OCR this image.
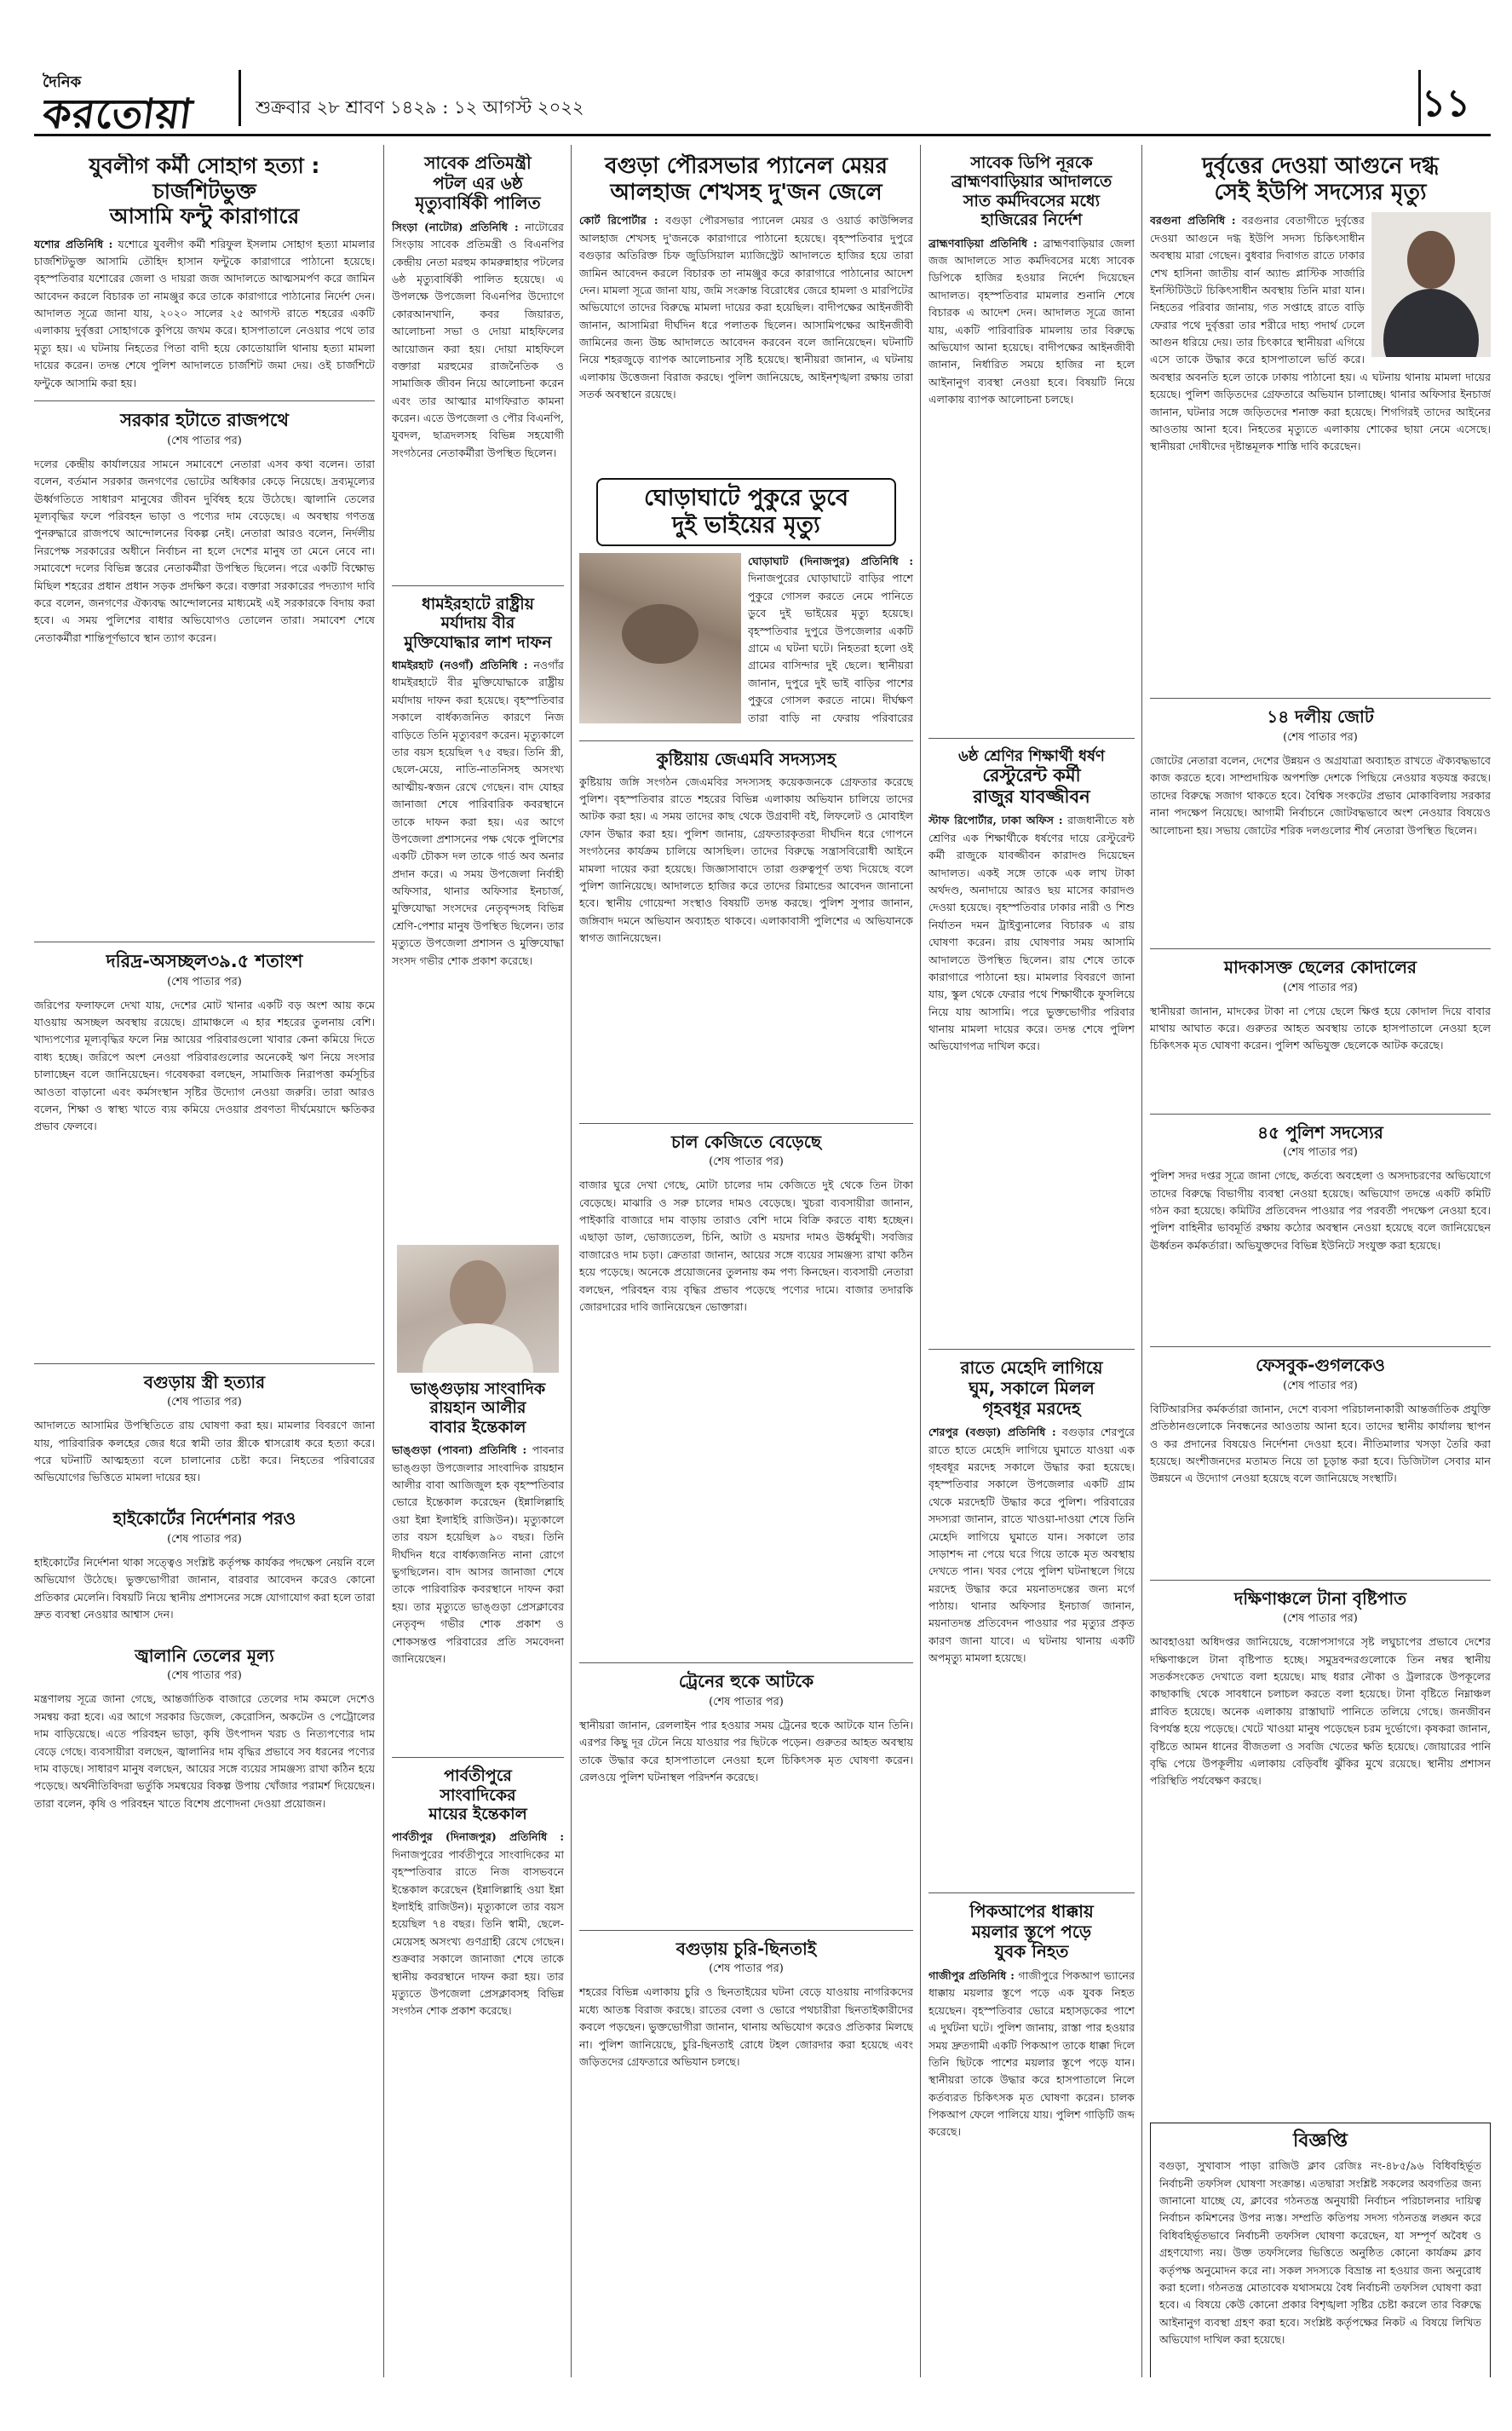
দৈনিক
করতোয়া	শুক্রবার ২৮ শ্রাবণ ১৪২৯ : ১২ আগস্ট ২০২২	১১
যুবলীগ কর্মী সোহাগ হত্যা : চার্জশিটভুক্ত
আসামি ফন্টু কারাগারে
যশোর প্রতিনিধি : যশোরে যুবলীগ কর্মী শরিফুল ইসলাম সোহাগ হত্যা মামলার চার্জশিটভুক্ত আসামি তৌহিদ হাসান ফন্টুকে কারাগারে পাঠানো হয়েছে। বৃহস্পতিবার যশোরের জেলা ও দায়রা জজ আদালতে আত্মসমর্পণ করে জামিন আবেদন করলে বিচারক তা নামঞ্জুর করে তাকে কারাগারে পাঠানোর নির্দেশ দেন। আদালত সূত্রে জানা যায়, ২০২০ সালের ২৫ আগস্ট রাতে শহরের একটি এলাকায় দুর্বৃত্তরা সোহাগকে কুপিয়ে জখম করে। হাসপাতালে নেওয়ার পথে তার মৃত্যু হয়। এ ঘটনায় নিহতের পিতা বাদী হয়ে কোতোয়ালি থানায় হত্যা মামলা দায়ের করেন। তদন্ত শেষে পুলিশ আদালতে চার্জশিট জমা দেয়। ওই চার্জশিটে ফন্টুকে আসামি করা হয়।
সরকার হটাতে রাজপথে
(শেষ পাতার পর)
দলের কেন্দ্রীয় কার্যালয়ের সামনে সমাবেশে নেতারা এসব কথা বলেন। তারা বলেন, বর্তমান সরকার জনগণের ভোটের অধিকার কেড়ে নিয়েছে। দ্রব্যমূল্যের ঊর্ধ্বগতিতে সাধারণ মানুষের জীবন দুর্বিষহ হয়ে উঠেছে। জ্বালানি তেলের মূল্যবৃদ্ধির ফলে পরিবহন ভাড়া ও পণ্যের দাম বেড়েছে। এ অবস্থায় গণতন্ত্র পুনরুদ্ধারে রাজপথে আন্দোলনের বিকল্প নেই। নেতারা আরও বলেন, নির্দলীয় নিরপেক্ষ সরকারের অধীনে নির্বাচন না হলে দেশের মানুষ তা মেনে নেবে না। সমাবেশে দলের বিভিন্ন স্তরের নেতাকর্মীরা উপস্থিত ছিলেন। পরে একটি বিক্ষোভ মিছিল শহরের প্রধান প্রধান সড়ক প্রদক্ষিণ করে। বক্তারা সরকারের পদত্যাগ দাবি করে বলেন, জনগণের ঐক্যবদ্ধ আন্দোলনের মাধ্যমেই এই সরকারকে বিদায় করা হবে। এ সময় পুলিশের বাধার অভিযোগও তোলেন তারা। সমাবেশ শেষে নেতাকর্মীরা শান্তিপূর্ণভাবে স্থান ত্যাগ করেন।
দরিদ্র-অসচ্ছল৩৯.৫ শতাংশ
(শেষ পাতার পর)
জরিপের ফলাফলে দেখা যায়, দেশের মোট খানার একটি বড় অংশ আয় কমে যাওয়ায় অসচ্ছল অবস্থায় রয়েছে। গ্রামাঞ্চলে এ হার শহরের তুলনায় বেশি। খাদ্যপণ্যের মূল্যবৃদ্ধির ফলে নিম্ন আয়ের পরিবারগুলো খাবার কেনা কমিয়ে দিতে বাধ্য হচ্ছে। জরিপে অংশ নেওয়া পরিবারগুলোর অনেকেই ঋণ নিয়ে সংসার চালাচ্ছেন বলে জানিয়েছেন। গবেষকরা বলছেন, সামাজিক নিরাপত্তা কর্মসূচির আওতা বাড়ানো এবং কর্মসংস্থান সৃষ্টির উদ্যোগ নেওয়া জরুরি। তারা আরও বলেন, শিক্ষা ও স্বাস্থ্য খাতে ব্যয় কমিয়ে দেওয়ার প্রবণতা দীর্ঘমেয়াদে ক্ষতিকর প্রভাব ফেলবে।
বগুড়ায় স্ত্রী হত্যার
(শেষ পাতার পর)
আদালতে আসামির উপস্থিতিতে রায় ঘোষণা করা হয়। মামলার বিবরণে জানা যায়, পারিবারিক কলহের জের ধরে স্বামী তার স্ত্রীকে শ্বাসরোধ করে হত্যা করে। পরে ঘটনাটি আত্মহত্যা বলে চালানোর চেষ্টা করে। নিহতের পরিবারের অভিযোগের ভিত্তিতে মামলা দায়ের হয়।
হাইকোর্টের নির্দেশনার পরও
(শেষ পাতার পর)
হাইকোর্টের নির্দেশনা থাকা সত্ত্বেও সংশ্লিষ্ট কর্তৃপক্ষ কার্যকর পদক্ষেপ নেয়নি বলে অভিযোগ উঠেছে। ভুক্তভোগীরা জানান, বারবার আবেদন করেও কোনো প্রতিকার মেলেনি। বিষয়টি নিয়ে স্থানীয় প্রশাসনের সঙ্গে যোগাযোগ করা হলে তারা দ্রুত ব্যবস্থা নেওয়ার আশ্বাস দেন।
জ্বালানি তেলের মূল্য
(শেষ পাতার পর)
মন্ত্রণালয় সূত্রে জানা গেছে, আন্তর্জাতিক বাজারে তেলের দাম কমলে দেশেও সমন্বয় করা হবে। এর আগে সরকার ডিজেল, কেরোসিন, অকটেন ও পেট্রোলের দাম বাড়িয়েছে। এতে পরিবহন ভাড়া, কৃষি উৎপাদন খরচ ও নিত্যপণ্যের দাম বেড়ে গেছে। ব্যবসায়ীরা বলছেন, জ্বালানির দাম বৃদ্ধির প্রভাবে সব ধরনের পণ্যের দাম বাড়ছে। সাধারণ মানুষ বলছেন, আয়ের সঙ্গে ব্যয়ের সামঞ্জস্য রাখা কঠিন হয়ে পড়েছে। অর্থনীতিবিদরা ভর্তুকি সমন্বয়ের বিকল্প উপায় খোঁজার পরামর্শ দিয়েছেন। তারা বলেন, কৃষি ও পরিবহন খাতে বিশেষ প্রণোদনা দেওয়া প্রয়োজন।
সাবেক প্রতিমন্ত্রী
পটল এর ৬ষ্ঠ
মৃত্যুবার্ষিকী পালিত
সিংড়া (নাটোর) প্রতিনিধি : নাটোরের সিংড়ায় সাবেক প্রতিমন্ত্রী ও বিএনপির কেন্দ্রীয় নেতা মরহুম কামরুন্নাহার পটলের ৬ষ্ঠ মৃত্যুবার্ষিকী পালিত হয়েছে। এ উপলক্ষে উপজেলা বিএনপির উদ্যোগে কোরআনখানি, কবর জিয়ারত, আলোচনা সভা ও দোয়া মাহফিলের আয়োজন করা হয়। দোয়া মাহফিলে বক্তারা মরহুমের রাজনৈতিক ও সামাজিক জীবন নিয়ে আলোচনা করেন এবং তার আত্মার মাগফিরাত কামনা করেন। এতে উপজেলা ও পৌর বিএনপি, যুবদল, ছাত্রদলসহ বিভিন্ন সহযোগী সংগঠনের নেতাকর্মীরা উপস্থিত ছিলেন।
ধামইরহাটে রাষ্ট্রীয়
মর্যাদায় বীর
মুক্তিযোদ্ধার লাশ দাফন
ধামইরহাট (নওগাঁ) প্রতিনিধি : নওগাঁর ধামইরহাটে বীর মুক্তিযোদ্ধাকে রাষ্ট্রীয় মর্যাদায় দাফন করা হয়েছে। বৃহস্পতিবার সকালে বার্ধক্যজনিত কারণে নিজ বাড়িতে তিনি মৃত্যুবরণ করেন। মৃত্যুকালে তার বয়স হয়েছিল ৭৫ বছর। তিনি স্ত্রী, ছেলে-মেয়ে, নাতি-নাতনিসহ অসংখ্য আত্মীয়-স্বজন রেখে গেছেন। বাদ যোহর জানাজা শেষে পারিবারিক কবরস্থানে তাকে দাফন করা হয়। এর আগে উপজেলা প্রশাসনের পক্ষ থেকে পুলিশের একটি চৌকস দল তাকে গার্ড অব অনার প্রদান করে। এ সময় উপজেলা নির্বাহী অফিসার, থানার অফিসার ইনচার্জ, মুক্তিযোদ্ধা সংসদের নেতৃবৃন্দসহ বিভিন্ন শ্রেণি-পেশার মানুষ উপস্থিত ছিলেন। তার মৃত্যুতে উপজেলা প্রশাসন ও মুক্তিযোদ্ধা সংসদ গভীর শোক প্রকাশ করেছে।
ভাঙ্গুড়ায় সাংবাদিক
রায়হান আলীর
বাবার ইন্তেকাল
ভাঙ্গুড়া (পাবনা) প্রতিনিধি : পাবনার ভাঙ্গুড়া উপজেলার সাংবাদিক রায়হান আলীর বাবা আজিজুল হক বৃহস্পতিবার ভোরে ইন্তেকাল করেছেন (ইন্নালিল্লাহি ওয়া ইন্না ইলাইহি রাজিউন)। মৃত্যুকালে তার বয়স হয়েছিল ৯০ বছর। তিনি দীর্ঘদিন ধরে বার্ধক্যজনিত নানা রোগে ভুগছিলেন। বাদ আসর জানাজা শেষে তাকে পারিবারিক কবরস্থানে দাফন করা হয়। তার মৃত্যুতে ভাঙ্গুড়া প্রেসক্লাবের নেতৃবৃন্দ গভীর শোক প্রকাশ ও শোকসন্তপ্ত পরিবারের প্রতি সমবেদনা জানিয়েছেন।
পার্বতীপুরে
সাংবাদিকের
মায়ের ইন্তেকাল
পার্বতীপুর (দিনাজপুর) প্রতিনিধি : দিনাজপুরের পার্বতীপুরে সাংবাদিকের মা বৃহস্পতিবার রাতে নিজ বাসভবনে ইন্তেকাল করেছেন (ইন্নালিল্লাহি ওয়া ইন্না ইলাইহি রাজিউন)। মৃত্যুকালে তার বয়স হয়েছিল ৭৪ বছর। তিনি স্বামী, ছেলে-মেয়েসহ অসংখ্য গুণগ্রাহী রেখে গেছেন। শুক্রবার সকালে জানাজা শেষে তাকে স্থানীয় কবরস্থানে দাফন করা হয়। তার মৃত্যুতে উপজেলা প্রেসক্লাবসহ বিভিন্ন সংগঠন শোক প্রকাশ করেছে।
বগুড়া পৌরসভার প্যানেল মেয়র
আলহাজ শেখসহ দু'জন জেলে
কোর্ট রিপোর্টার : বগুড়া পৌরসভার প্যানেল মেয়র ও ওয়ার্ড কাউন্সিলর আলহাজ শেখসহ দু'জনকে কারাগারে পাঠানো হয়েছে। বৃহস্পতিবার দুপুরে বগুড়ার অতিরিক্ত চিফ জুডিসিয়াল ম্যাজিস্ট্রেট আদালতে হাজির হয়ে তারা জামিন আবেদন করলে বিচারক তা নামঞ্জুর করে কারাগারে পাঠানোর আদেশ দেন। মামলা সূত্রে জানা যায়, জমি সংক্রান্ত বিরোধের জেরে হামলা ও মারপিটের অভিযোগে তাদের বিরুদ্ধে মামলা দায়ের করা হয়েছিল। বাদীপক্ষের আইনজীবী জানান, আসামিরা দীর্ঘদিন ধরে পলাতক ছিলেন। আসামিপক্ষের আইনজীবী জামিনের জন্য উচ্চ আদালতে আবেদন করবেন বলে জানিয়েছেন। ঘটনাটি নিয়ে শহরজুড়ে ব্যাপক আলোচনার সৃষ্টি হয়েছে। স্থানীয়রা জানান, এ ঘটনায় এলাকায় উত্তেজনা বিরাজ করছে। পুলিশ জানিয়েছে, আইনশৃঙ্খলা রক্ষায় তারা সতর্ক অবস্থানে রয়েছে।
ঘোড়াঘাটে পুকুরে ডুবে
দুই ভাইয়ের মৃত্যু
ঘোড়াঘাট (দিনাজপুর) প্রতিনিধি : দিনাজপুরের ঘোড়াঘাটে বাড়ির পাশে পুকুরে গোসল করতে নেমে পানিতে ডুবে দুই ভাইয়ের মৃত্যু হয়েছে। বৃহস্পতিবার দুপুরে উপজেলার একটি গ্রামে এ ঘটনা ঘটে। নিহতরা হলো ওই গ্রামের বাসিন্দার দুই ছেলে। স্থানীয়রা জানান, দুপুরে দুই ভাই বাড়ির পাশের পুকুরে গোসল করতে নামে। দীর্ঘক্ষণ তারা বাড়ি না ফেরায় পরিবারের
কুষ্টিয়ায় জেএমবি সদস্যসহ
কুষ্টিয়ায় জঙ্গি সংগঠন জেএমবির সদস্যসহ কয়েকজনকে গ্রেফতার করেছে পুলিশ। বৃহস্পতিবার রাতে শহরের বিভিন্ন এলাকায় অভিযান চালিয়ে তাদের আটক করা হয়। এ সময় তাদের কাছ থেকে উগ্রবাদী বই, লিফলেট ও মোবাইল ফোন উদ্ধার করা হয়। পুলিশ জানায়, গ্রেফতারকৃতরা দীর্ঘদিন ধরে গোপনে সংগঠনের কার্যক্রম চালিয়ে আসছিল। তাদের বিরুদ্ধে সন্ত্রাসবিরোধী আইনে মামলা দায়ের করা হয়েছে। জিজ্ঞাসাবাদে তারা গুরুত্বপূর্ণ তথ্য দিয়েছে বলে পুলিশ জানিয়েছে। আদালতে হাজির করে তাদের রিমান্ডের আবেদন জানানো হবে। স্থানীয় গোয়েন্দা সংস্থাও বিষয়টি তদন্ত করছে। পুলিশ সুপার জানান, জঙ্গিবাদ দমনে অভিযান অব্যাহত থাকবে। এলাকাবাসী পুলিশের এ অভিযানকে স্বাগত জানিয়েছেন।
চাল কেজিতে বেড়েছে
(শেষ পাতার পর)
বাজার ঘুরে দেখা গেছে, মোটা চালের দাম কেজিতে দুই থেকে তিন টাকা বেড়েছে। মাঝারি ও সরু চালের দামও বেড়েছে। খুচরা ব্যবসায়ীরা জানান, পাইকারি বাজারে দাম বাড়ায় তারাও বেশি দামে বিক্রি করতে বাধ্য হচ্ছেন। এছাড়া ডাল, ভোজ্যতেল, চিনি, আটা ও ময়দার দামও ঊর্ধ্বমুখী। সবজির বাজারেও দাম চড়া। ক্রেতারা জানান, আয়ের সঙ্গে ব্যয়ের সামঞ্জস্য রাখা কঠিন হয়ে পড়েছে। অনেকে প্রয়োজনের তুলনায় কম পণ্য কিনছেন। ব্যবসায়ী নেতারা বলছেন, পরিবহন ব্যয় বৃদ্ধির প্রভাব পড়েছে পণ্যের দামে। বাজার তদারকি জোরদারের দাবি জানিয়েছেন ভোক্তারা।
ট্রেনের হুকে আটকে
(শেষ পাতার পর)
স্থানীয়রা জানান, রেললাইন পার হওয়ার সময় ট্রেনের হুকে আটকে যান তিনি। এরপর কিছু দূর টেনে নিয়ে যাওয়ার পর ছিটকে পড়েন। গুরুতর আহত অবস্থায় তাকে উদ্ধার করে হাসপাতালে নেওয়া হলে চিকিৎসক মৃত ঘোষণা করেন। রেলওয়ে পুলিশ ঘটনাস্থল পরিদর্শন করেছে।
বগুড়ায় চুরি-ছিনতাই
(শেষ পাতার পর)
শহরের বিভিন্ন এলাকায় চুরি ও ছিনতাইয়ের ঘটনা বেড়ে যাওয়ায় নাগরিকদের মধ্যে আতঙ্ক বিরাজ করছে। রাতের বেলা ও ভোরে পথচারীরা ছিনতাইকারীদের কবলে পড়ছেন। ভুক্তভোগীরা জানান, থানায় অভিযোগ করেও প্রতিকার মিলছে না। পুলিশ জানিয়েছে, চুরি-ছিনতাই রোধে টহল জোরদার করা হয়েছে এবং জড়িতদের গ্রেফতারে অভিযান চলছে।
সাবেক ডিপি নূরকে
ব্রাহ্মণবাড়িয়ার আদালতে
সাত কর্মদিবসের মধ্যে
হাজিরের নির্দেশ
ব্রাহ্মণবাড়িয়া প্রতিনিধি : ব্রাহ্মণবাড়িয়ার জেলা জজ আদালতে সাত কর্মদিবসের মধ্যে সাবেক ডিপিকে হাজির হওয়ার নির্দেশ দিয়েছেন আদালত। বৃহস্পতিবার মামলার শুনানি শেষে বিচারক এ আদেশ দেন। আদালত সূত্রে জানা যায়, একটি পারিবারিক মামলায় তার বিরুদ্ধে অভিযোগ আনা হয়েছে। বাদীপক্ষের আইনজীবী জানান, নির্ধারিত সময়ে হাজির না হলে আইনানুগ ব্যবস্থা নেওয়া হবে। বিষয়টি নিয়ে এলাকায় ব্যাপক আলোচনা চলছে।
৬ষ্ঠ শ্রেণির শিক্ষার্থী ধর্ষণ
রেস্টুরেন্ট কর্মী
রাজুর যাবজ্জীবন
স্টাফ রিপোর্টার, ঢাকা অফিস : রাজধানীতে ষষ্ঠ শ্রেণির এক শিক্ষার্থীকে ধর্ষণের দায়ে রেস্টুরেন্ট কর্মী রাজুকে যাবজ্জীবন কারাদণ্ড দিয়েছেন আদালত। একই সঙ্গে তাকে এক লাখ টাকা অর্থদণ্ড, অনাদায়ে আরও ছয় মাসের কারাদণ্ড দেওয়া হয়েছে। বৃহস্পতিবার ঢাকার নারী ও শিশু নির্যাতন দমন ট্রাইব্যুনালের বিচারক এ রায় ঘোষণা করেন। রায় ঘোষণার সময় আসামি আদালতে উপস্থিত ছিলেন। রায় শেষে তাকে কারাগারে পাঠানো হয়। মামলার বিবরণে জানা যায়, স্কুল থেকে ফেরার পথে শিক্ষার্থীকে ফুসলিয়ে নিয়ে যায় আসামি। পরে ভুক্তভোগীর পরিবার থানায় মামলা দায়ের করে। তদন্ত শেষে পুলিশ অভিযোগপত্র দাখিল করে।
রাতে মেহেদি লাগিয়ে
ঘুম, সকালে মিলল
গৃহবধূর মরদেহ
শেরপুর (বগুড়া) প্রতিনিধি : বগুড়ার শেরপুরে রাতে হাতে মেহেদি লাগিয়ে ঘুমাতে যাওয়া এক গৃহবধূর মরদেহ সকালে উদ্ধার করা হয়েছে। বৃহস্পতিবার সকালে উপজেলার একটি গ্রাম থেকে মরদেহটি উদ্ধার করে পুলিশ। পরিবারের সদস্যরা জানান, রাতে খাওয়া-দাওয়া শেষে তিনি মেহেদি লাগিয়ে ঘুমাতে যান। সকালে তার সাড়াশব্দ না পেয়ে ঘরে গিয়ে তাকে মৃত অবস্থায় দেখতে পান। খবর পেয়ে পুলিশ ঘটনাস্থলে গিয়ে মরদেহ উদ্ধার করে ময়নাতদন্তের জন্য মর্গে পাঠায়। থানার অফিসার ইনচার্জ জানান, ময়নাতদন্ত প্রতিবেদন পাওয়ার পর মৃত্যুর প্রকৃত কারণ জানা যাবে। এ ঘটনায় থানায় একটি অপমৃত্যু মামলা হয়েছে।
পিকআপের ধাক্কায়
ময়লার স্তূপে পড়ে
যুবক নিহত
গাজীপুর প্রতিনিধি : গাজীপুরে পিকআপ ভ্যানের ধাক্কায় ময়লার স্তূপে পড়ে এক যুবক নিহত হয়েছেন। বৃহস্পতিবার ভোরে মহাসড়কের পাশে এ দুর্ঘটনা ঘটে। পুলিশ জানায়, রাস্তা পার হওয়ার সময় দ্রুতগামী একটি পিকআপ তাকে ধাক্কা দিলে তিনি ছিটকে পাশের ময়লার স্তূপে পড়ে যান। স্থানীয়রা তাকে উদ্ধার করে হাসপাতালে নিলে কর্তব্যরত চিকিৎসক মৃত ঘোষণা করেন। চালক পিকআপ ফেলে পালিয়ে যায়। পুলিশ গাড়িটি জব্দ করেছে।
দুর্বৃত্তের দেওয়া আগুনে দগ্ধ
সেই ইউপি সদস্যের মৃত্যু
বরগুনা প্রতিনিধি : বরগুনার বেতাগীতে দুর্বৃত্তের দেওয়া আগুনে দগ্ধ ইউপি সদস্য চিকিৎসাধীন অবস্থায় মারা গেছেন। বুধবার দিবাগত রাতে ঢাকার শেখ হাসিনা জাতীয় বার্ন অ্যান্ড প্লাস্টিক সার্জারি ইনস্টিটিউটে চিকিৎসাধীন অবস্থায় তিনি মারা যান। নিহতের পরিবার জানায়, গত সপ্তাহে রাতে বাড়ি ফেরার পথে দুর্বৃত্তরা তার শরীরে দাহ্য পদার্থ ঢেলে আগুন ধরিয়ে দেয়। তার চিৎকারে স্থানীয়রা এগিয়ে এসে তাকে উদ্ধার করে হাসপাতালে ভর্তি করে। অবস্থার অবনতি হলে তাকে ঢাকায় পাঠানো হয়। এ ঘটনায় থানায় মামলা দায়ের হয়েছে। পুলিশ জড়িতদের গ্রেফতারে অভিযান চালাচ্ছে। থানার অফিসার ইনচার্জ জানান, ঘটনার সঙ্গে জড়িতদের শনাক্ত করা হয়েছে। শিগগিরই তাদের আইনের আওতায় আনা হবে। নিহতের মৃত্যুতে এলাকায় শোকের ছায়া নেমে এসেছে। স্থানীয়রা দোষীদের দৃষ্টান্তমূলক শাস্তি দাবি করেছেন।
১৪ দলীয় জোট
(শেষ পাতার পর)
জোটের নেতারা বলেন, দেশের উন্নয়ন ও অগ্রযাত্রা অব্যাহত রাখতে ঐক্যবদ্ধভাবে কাজ করতে হবে। সাম্প্রদায়িক অপশক্তি দেশকে পিছিয়ে নেওয়ার ষড়যন্ত্র করছে। তাদের বিরুদ্ধে সজাগ থাকতে হবে। বৈশ্বিক সংকটের প্রভাব মোকাবিলায় সরকার নানা পদক্ষেপ নিয়েছে। আগামী নির্বাচনে জোটবদ্ধভাবে অংশ নেওয়ার বিষয়েও আলোচনা হয়। সভায় জোটের শরিক দলগুলোর শীর্ষ নেতারা উপস্থিত ছিলেন।
মাদকাসক্ত ছেলের কোদালের
(শেষ পাতার পর)
স্থানীয়রা জানান, মাদকের টাকা না পেয়ে ছেলে ক্ষিপ্ত হয়ে কোদাল দিয়ে বাবার মাথায় আঘাত করে। গুরুতর আহত অবস্থায় তাকে হাসপাতালে নেওয়া হলে চিকিৎসক মৃত ঘোষণা করেন। পুলিশ অভিযুক্ত ছেলেকে আটক করেছে।
৪৫ পুলিশ সদস্যের
(শেষ পাতার পর)
পুলিশ সদর দপ্তর সূত্রে জানা গেছে, কর্তব্যে অবহেলা ও অসদাচরণের অভিযোগে তাদের বিরুদ্ধে বিভাগীয় ব্যবস্থা নেওয়া হয়েছে। অভিযোগ তদন্তে একটি কমিটি গঠন করা হয়েছে। কমিটির প্রতিবেদন পাওয়ার পর পরবর্তী পদক্ষেপ নেওয়া হবে। পুলিশ বাহিনীর ভাবমূর্তি রক্ষায় কঠোর অবস্থান নেওয়া হয়েছে বলে জানিয়েছেন ঊর্ধ্বতন কর্মকর্তারা। অভিযুক্তদের বিভিন্ন ইউনিটে সংযুক্ত করা হয়েছে।
ফেসবুক-গুগলকেও
(শেষ পাতার পর)
বিটিআরসির কর্মকর্তারা জানান, দেশে ব্যবসা পরিচালনাকারী আন্তর্জাতিক প্রযুক্তি প্রতিষ্ঠানগুলোকে নিবন্ধনের আওতায় আনা হবে। তাদের স্থানীয় কার্যালয় স্থাপন ও কর প্রদানের বিষয়েও নির্দেশনা দেওয়া হবে। নীতিমালার খসড়া তৈরি করা হয়েছে। অংশীজনদের মতামত নিয়ে তা চূড়ান্ত করা হবে। ডিজিটাল সেবার মান উন্নয়নে এ উদ্যোগ নেওয়া হয়েছে বলে জানিয়েছে সংস্থাটি।
দক্ষিণাঞ্চলে টানা বৃষ্টিপাত
(শেষ পাতার পর)
আবহাওয়া অধিদপ্তর জানিয়েছে, বঙ্গোপসাগরে সৃষ্ট লঘুচাপের প্রভাবে দেশের দক্ষিণাঞ্চলে টানা বৃষ্টিপাত হচ্ছে। সমুদ্রবন্দরগুলোকে তিন নম্বর স্থানীয় সতর্কসংকেত দেখাতে বলা হয়েছে। মাছ ধরার নৌকা ও ট্রলারকে উপকূলের কাছাকাছি থেকে সাবধানে চলাচল করতে বলা হয়েছে। টানা বৃষ্টিতে নিম্নাঞ্চল প্লাবিত হয়েছে। অনেক এলাকায় রাস্তাঘাট পানিতে তলিয়ে গেছে। জনজীবন বিপর্যস্ত হয়ে পড়েছে। খেটে খাওয়া মানুষ পড়েছেন চরম দুর্ভোগে। কৃষকরা জানান, বৃষ্টিতে আমন ধানের বীজতলা ও সবজি খেতের ক্ষতি হয়েছে। জোয়ারের পানি বৃদ্ধি পেয়ে উপকূলীয় এলাকায় বেড়িবাঁধ ঝুঁকির মুখে রয়েছে। স্থানীয় প্রশাসন পরিস্থিতি পর্যবেক্ষণ করছে।
বিজ্ঞপ্তি
বগুড়া, সুখাবাস পাড়া রাজিউ ক্লাব রেজিঃ নং-৪৮৫/৯৬ বিধিবহির্ভূত নির্বাচনী তফসিল ঘোষণা সংক্রান্ত। এতদ্বারা সংশ্লিষ্ট সকলের অবগতির জন্য জানানো যাচ্ছে যে, ক্লাবের গঠনতন্ত্র অনুযায়ী নির্বাচন পরিচালনার দায়িত্ব নির্বাচন কমিশনের উপর ন্যস্ত। সম্প্রতি কতিপয় সদস্য গঠনতন্ত্র লঙ্ঘন করে বিধিবহির্ভূতভাবে নির্বাচনী তফসিল ঘোষণা করেছেন, যা সম্পূর্ণ অবৈধ ও গ্রহণযোগ্য নয়। উক্ত তফসিলের ভিত্তিতে অনুষ্ঠিত কোনো কার্যক্রম ক্লাব কর্তৃপক্ষ অনুমোদন করে না। সকল সদস্যকে বিভ্রান্ত না হওয়ার জন্য অনুরোধ করা হলো। গঠনতন্ত্র মোতাবেক যথাসময়ে বৈধ নির্বাচনী তফসিল ঘোষণা করা হবে। এ বিষয়ে কেউ কোনো প্রকার বিশৃঙ্খলা সৃষ্টির চেষ্টা করলে তার বিরুদ্ধে আইনানুগ ব্যবস্থা গ্রহণ করা হবে। সংশ্লিষ্ট কর্তৃপক্ষের নিকট এ বিষয়ে লিখিত অভিযোগ দাখিল করা হয়েছে।
